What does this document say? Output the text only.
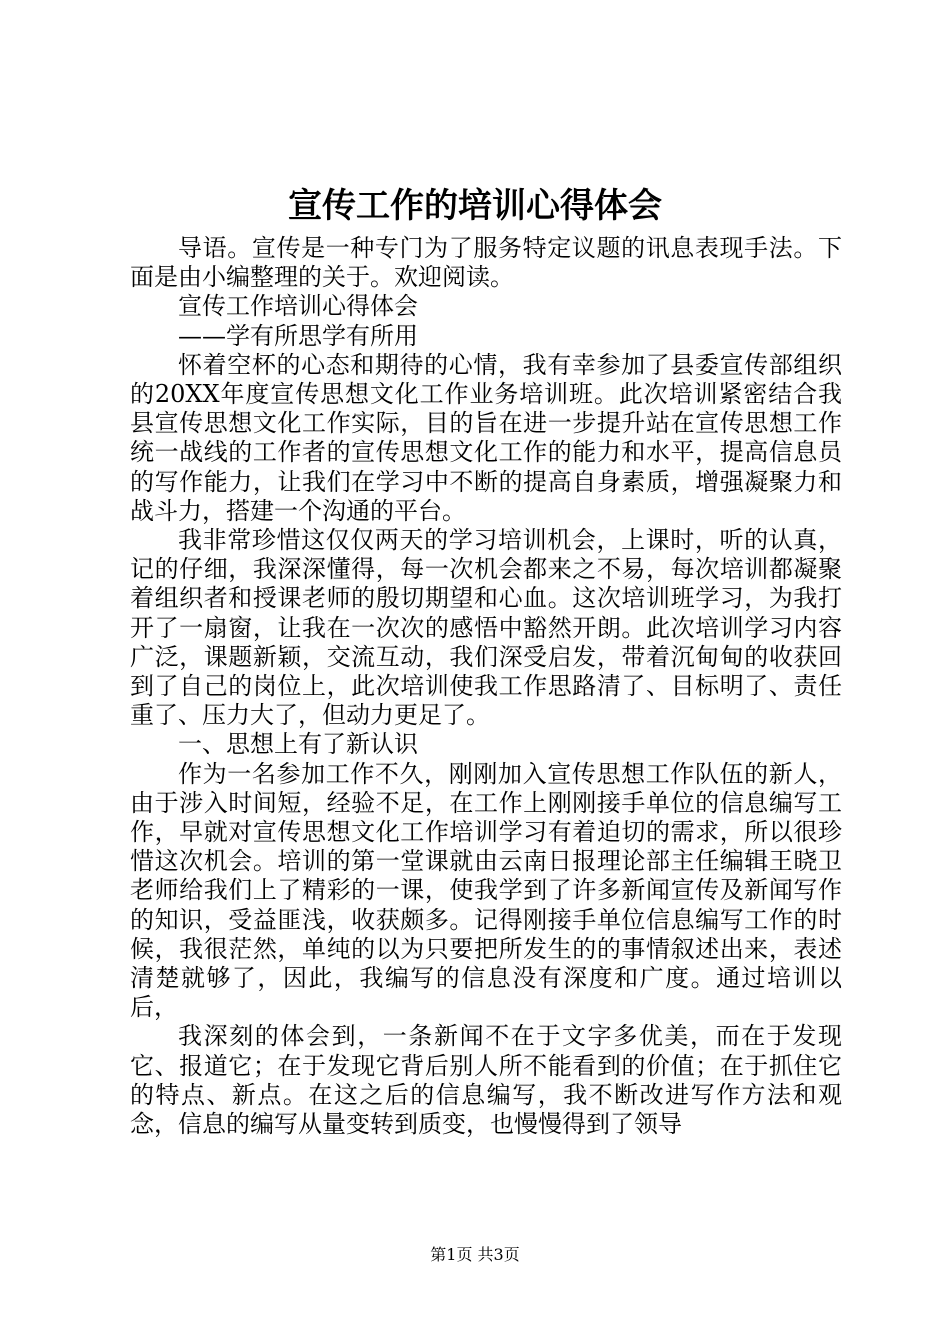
宣传工作的培训心得体会

导语。宣传是一种专门为了服务特定议题的讯息表现手法。下面是由小编整理的关于。欢迎阅读。

宣传工作培训心得体会

——学有所思学有所用

怀着空杯的心态和期待的心情，我有幸参加了县委宣传部组织的20XX年度宣传思想文化工作业务培训班。此次培训紧密结合我县宣传思想文化工作实际，目的旨在进一步提升站在宣传思想工作统一战线的工作者的宣传思想文化工作的能力和水平，提高信息员的写作能力，让我们在学习中不断的提高自身素质，增强凝聚力和战斗力，搭建一个沟通的平台。

我非常珍惜这仅仅两天的学习培训机会，上课时，听的认真，记的仔细，我深深懂得，每一次机会都来之不易，每次培训都凝聚着组织者和授课老师的殷切期望和心血。这次培训班学习，为我打开了一扇窗，让我在一次次的感悟中豁然开朗。此次培训学习内容广泛，课题新颖，交流互动，我们深受启发，带着沉甸甸的收获回到了自己的岗位上，此次培训使我工作思路清了、目标明了、责任重了、压力大了，但动力更足了。

一、思想上有了新认识

作为一名参加工作不久，刚刚加入宣传思想工作队伍的新人，由于涉入时间短，经验不足，在工作上刚刚接手单位的信息编写工作，早就对宣传思想文化工作培训学习有着迫切的需求，所以很珍惜这次机会。培训的第一堂课就由云南日报理论部主任编辑王晓卫老师给我们上了精彩的一课，使我学到了许多新闻宣传及新闻写作的知识，受益匪浅，收获颇多。记得刚接手单位信息编写工作的时候，我很茫然，单纯的以为只要把所发生的的事情叙述出来，表述清楚就够了，因此，我编写的信息没有深度和广度。通过培训以后，

我深刻的体会到，一条新闻不在于文字多优美，而在于发现它、报道它；在于发现它背后别人所不能看到的价值；在于抓住它的特点、新点。在这之后的信息编写，我不断改进写作方法和观念，信息的编写从量变转到质变，也慢慢得到了领导

第1页 共3页
